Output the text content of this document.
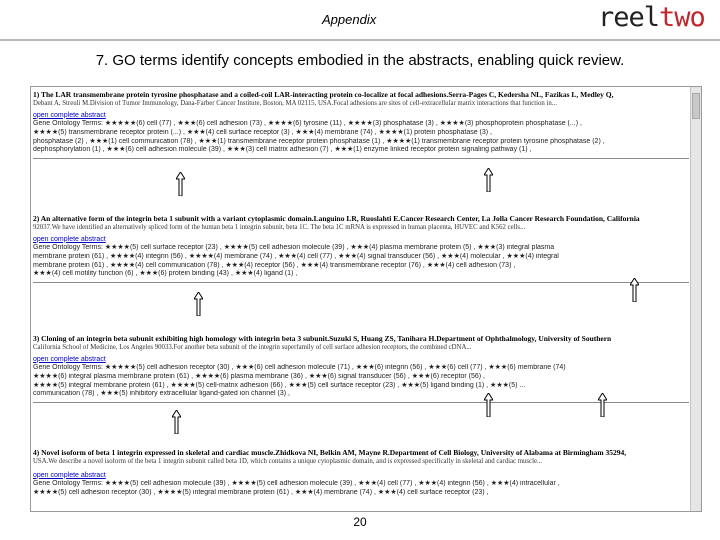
Appendix	reeltwo
7. GO terms identify concepts embodied in the abstracts, enabling quick review.
1) The LAR transmembrane protein tyrosine phosphatase and a coiled-coil LAR-interacting protein co-localize at focal adhesions.Serra-Pages C, Kedersha NL, Fazikas L, Medley Q,
Debant A, Streuli M.Division of Tumor Immunology, Dana-Farber Cancer Institute, Boston, MA 02115, USA.Focal adhesions are sites of cell-extracellular matrix interactions that function in...
open complete abstract
Gene Ontology Terms: ★★★★★(6) cell (77) , ★★★(6) cell adhesion (73) , ★★★★(6) tyrosine (11) , ★★★★(3) phosphatase (3) , ★★★★(3) phosphoprotein phosphatase (...) ,
★★★★(5) transmembrane receptor protein (...) , ★★★(4) cell surface receptor (3) , ★★★(4) membrane (74) , ★★★★(1) protein phosphatase (3) ,
phosphatase (2) , ★★★(1) cell communication (78) , ★★★(1) transmembrane receptor protein phosphatase (1) , ★★★★(1) transmembrane receptor protein tyrosine phosphatase (2) ,
dephosphorylation (1) , ★★★(6) cell adhesion molecule (39) , ★★★(3) cell matrix adhesion (7) , ★★★(1) enzyme linked receptor protein signaling pathway (1) ,
2) An alternative form of the integrin beta 1 subunit with a variant cytoplasmic domain.Languino LR, Ruoslahti E.Cancer Research Center, La Jolla Cancer Research Foundation, California
92037.We have identified an alternatively spliced form of the human beta 1 integrin subunit, beta 1C. The beta 1C mRNA is expressed in human placenta, HUVEC and K562 cells...
open complete abstract
Gene Ontology Terms: ★★★★(5) cell surface receptor (23) , ★★★★(5) cell adhesion molecule (39) , ★★★(4) plasma membrane protein (5) , ★★★(3) integral plasma
membrane protein (61) , ★★★★(4) integrin (56) , ★★★★(4) membrane (74) , ★★★(4) cell (77) , ★★★(4) signal transducer (56) , ★★★(4) molecular , ★★★(4) integral
membrane protein (61) , ★★★★(4) cell communication (78) , ★★★(4) receptor (56) , ★★★(4) transmembrane receptor (76) , ★★★(4) cell adhesion (73) ,
★★★(4) cell motility function (6) , ★★★(6) protein binding (43) , ★★★(4) ligand (1) ,
3) Cloning of an integrin beta subunit exhibiting high homology with integrin beta 3 subunit.Suzuki S, Huang ZS, Tanihara H.Department of Ophthalmology, University of Southern
California School of Medicine, Los Angeles 90033.For another beta subunit of the integrin superfamily of cell surface adhesion receptors, the combined cDNA...
open complete abstract
Gene Ontology Terms: ★★★★★(5) cell adhesion receptor (30) , ★★★(6) cell adhesion molecule (71) , ★★★(6) integrin (56) , ★★★(6) cell (77) , ★★★(6) membrane (74)
★★★★(6) integral plasma membrane protein (61) , ★★★★(6) plasma membrane (36) , ★★★(6) signal transducer (56) , ★★★(6) receptor (56) ,
★★★★(5) integral membrane protein (61) , ★★★★(5) cell-matrix adhesion (66) , ★★★(5) cell surface receptor (23) , ★★★(5) ligand binding (1) , ★★★(5) ...
communication (78) , ★★★(5) inhibitory extracellular ligand-gated ion channel (3) ,
4) Novel isoform of beta 1 integrin expressed in skeletal and cardiac muscle.Zhidkova NI, Belkin AM, Mayne R.Department of Cell Biology, University of Alabama at Birmingham 35294,
USA.We describe a novel isoform of the beta 1 integrin subunit called beta 1D, which contains a unique cytoplasmic domain, and is expressed specifically in skeletal and cardiac muscle...
open complete abstract
Gene Ontology Terms: ★★★★(5) cell adhesion molecule (39) , ★★★★(5) cell adhesion molecule (39) , ★★★(4) cell (77) , ★★★(4) integrin (56) , ★★★(4) intracellular ,
★★★★(5) cell adhesion receptor (30) , ★★★★(5) integral membrane protein (61) , ★★★(4) membrane (74) , ★★★(4) cell surface receptor (23) ,
20
